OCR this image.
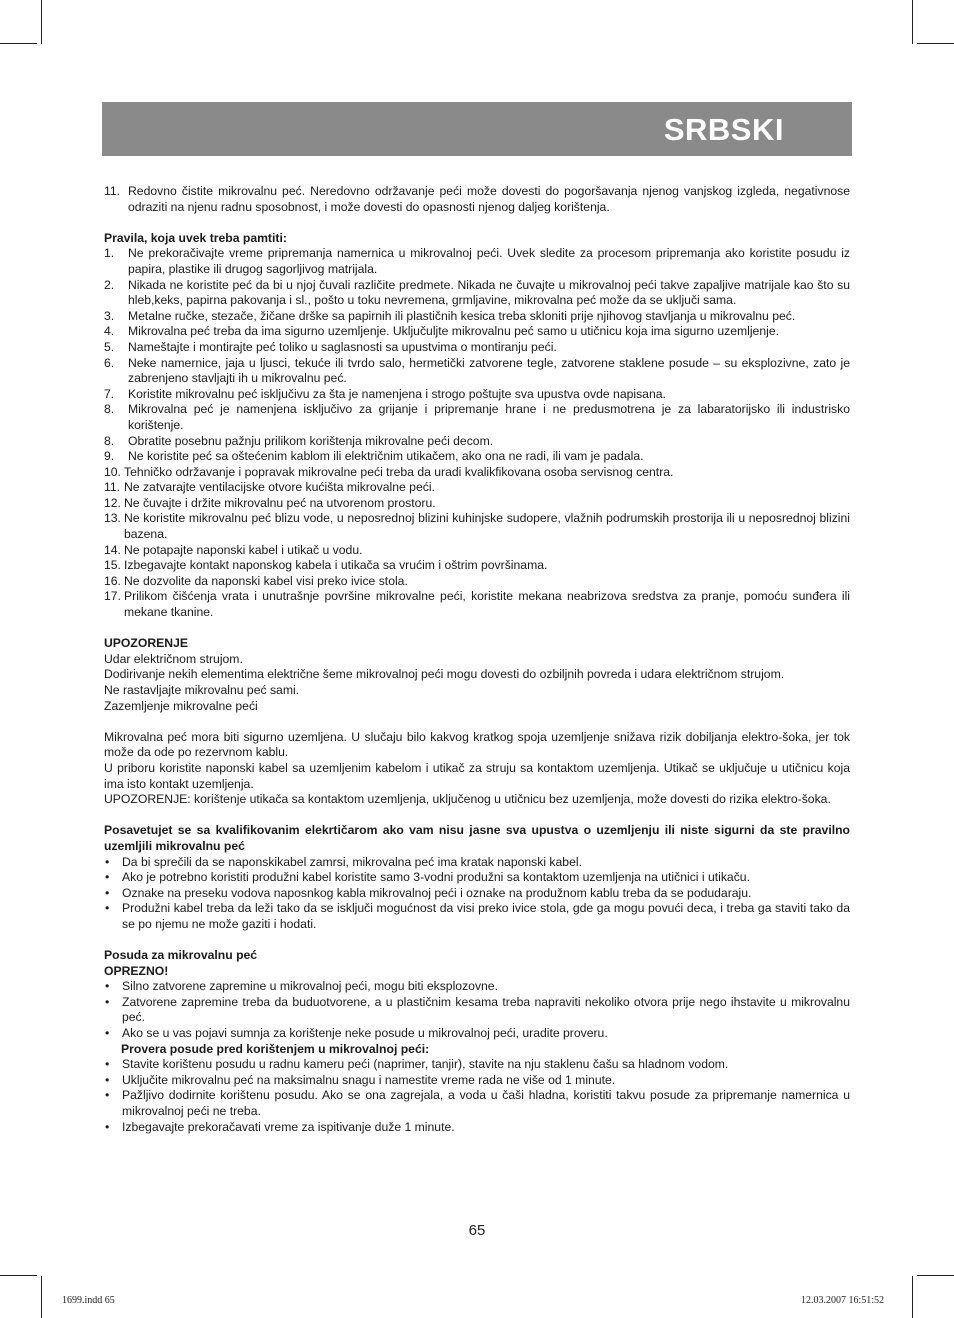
SRBSKI
11. Redovno čistite mikrovalnu peć. Neredovno održavanje peći može dovesti do pogoršavanja njenog vanjskog izgleda, negativnose odraziti na njenu radnu sposobnost, i može dovesti do opasnosti njenog daljeg korištenja.
Pravila, koja uvek treba pamtiti:
1.	Ne prekoračivajte vreme pripremanja namernica u mikrovalnoj peći. Uvek sledite za procesom pripremanja ako koristite posudu iz papira, plastike ili drugog sagorljivog matrijala.
2.	Nikada ne koristite peć da bi u njoj čuvali različite predmete. Nikada ne čuvajte u mikrovalnoj peći takve zapaljive matrijale kao što su hleb,keks, papirna pakovanja i sl., pošto u toku nevremena, grmljavine, mikrovalna peć može da se uključi sama.
3.	Metalne ručke, stezače, žičane drške sa papirnih ili plastičnih kesica treba skloniti prije njihovog stavljanja u mikrovalnu peć.
4.	Mikrovalna peć treba da ima sigurno uzemljenje. Uključuljte mikrovalnu peć samo u utičnicu koja ima sigurno uzemljenje.
5.	Nameštajte i montirajte peć toliko u saglasnosti sa upustvima o montiranju peći.
6.	Neke namernice, jaja u ljusci, tekuće ili tvrdo salo, hermetički zatvorene tegle, zatvorene staklene posude – su eksplozivne, zato je zabrenjeno stavljajti ih u mikrovalnu peć.
7.	Koristite mikrovalnu peć isključivu za šta je namenjena i strogo poštujte sva upustva ovde napisana.
8.	Mikrovalna peć je namenjena isključivo za grijanje i pripremanje hrane i ne predusmotrena je za labaratorijsko ili industrisko korištenje.
8.	Obratite posebnu pažnju prilikom korištenja mikrovalne peći decom.
9.	Ne koristite peć sa oštećenim kablom ili električnim utikačem, ako ona ne radi, ili vam je padala.
10. Tehničko održavanje i popravak mikrovalne peći treba da uradi kvalikfikovana osoba servisnog centra.
11. Ne zatvarajte ventilacijske otvore kućišta mikrovalne peći.
12. Ne čuvajte i držite mikrovalnu peć na utvorenom prostoru.
13. Ne koristite mikrovalnu peć blizu vode, u neposrednoj blizini kuhinjske sudopere, vlažnih podrumskih prostorija ili u neposrednoj blizini bazena.
14. Ne potapajte naponski kabel i utikač u vodu.
15. Izbegavajte kontakt naponskog kabela i utikača sa vrućim i oštrim površinama.
16. Ne dozvolite da naponski kabel visi preko ivice stola.
17. Prilikom čišćenja vrata i unutrašnje površine mikrovalne peći, koristite mekana neabrizova sredstva za pranje, pomoću sunđera ili mekane tkanine.
UPOZORENJE
Udar električnom strujom.
Dodirivanje nekih elementima električne šeme mikrovalnoj peći mogu dovesti do ozbiljnih povreda i udara električnom strujom.
Ne rastavljajte mikrovalnu peć sami.
Zazemljenje mikrovalne peći
Mikrovalna peć mora biti sigurno uzemljena. U slučaju bilo kakvog kratkog spoja uzemljenje snižava rizik dobiljanja elektro-šoka, jer tok može da ode po rezervnom kablu.
U priboru koristite naponski kabel sa uzemljenim kabelom i utikač za struju sa kontaktom uzemljenja. Utikač se uključuje u utičnicu koja ima isto kontakt uzemljenja.
UPOZORENJE: korištenje utikača sa kontaktom uzemljenja, uključenog u utičnicu bez uzemljenja, može dovesti do rizika elektro-šoka.
Posavetujet se sa kvalifikovanim elekrtičarom ako vam nisu jasne sva upustva o uzemljenju ili niste sigurni da ste pravilno uzemljili mikrovalnu peć
•	Da bi sprečili da se naponskikabel zamrsi, mikrovalna peć ima kratak naponski kabel.
•	Ako je potrebno koristiti produžni kabel koristite samo 3-vodni produžni sa kontaktom uzemljenja na utičnici i utikaču.
•	Oznake na preseku vodova naposnkog kabla mikrovalnoj peći i oznake na produžnom kablu treba da se podudaraju.
•	Produžni kabel treba da leži tako da se isključi mogućnost da visi preko ivice stola, gde ga mogu povući deca, i treba ga staviti tako da se po njemu ne može gaziti i hodati.
Posuda za mikrovalnu peć
OPREZNO!
•	Silno zatvorene zapremine u mikrovalnoj peći, mogu biti eksplozovne.
•	Zatvorene zapremine treba da buduotvorene, a u plastičnim kesama treba napraviti nekoliko otvora prije nego ihstavite u mikrovalnu peć.
•	Ako se u vas pojavi sumnja za korištenje neke posude u mikrovalnoj peći, uradite proveru.
Provera posude pred korištenjem u mikrovalnoj peći:
•	Stavite korištenu posudu u radnu kameru peći (naprimer, tanjir), stavite na nju staklenu čašu sa hladnom vodom.
•	Uključite mikrovalnu peć na maksimalnu snagu i namestite vreme rada ne više od 1 minute.
•	Pažljivo dodirnite korištenu posudu. Ako se ona zagrejala, a voda u čaši hladna, koristiti takvu posude za pripremanje namernica u mikrovalnoj peći ne treba.
•	Izbegavajte prekoračavati vreme za ispitivanje duže 1 minute.
65
1699.indd 65	12.03.2007 16:51:52
